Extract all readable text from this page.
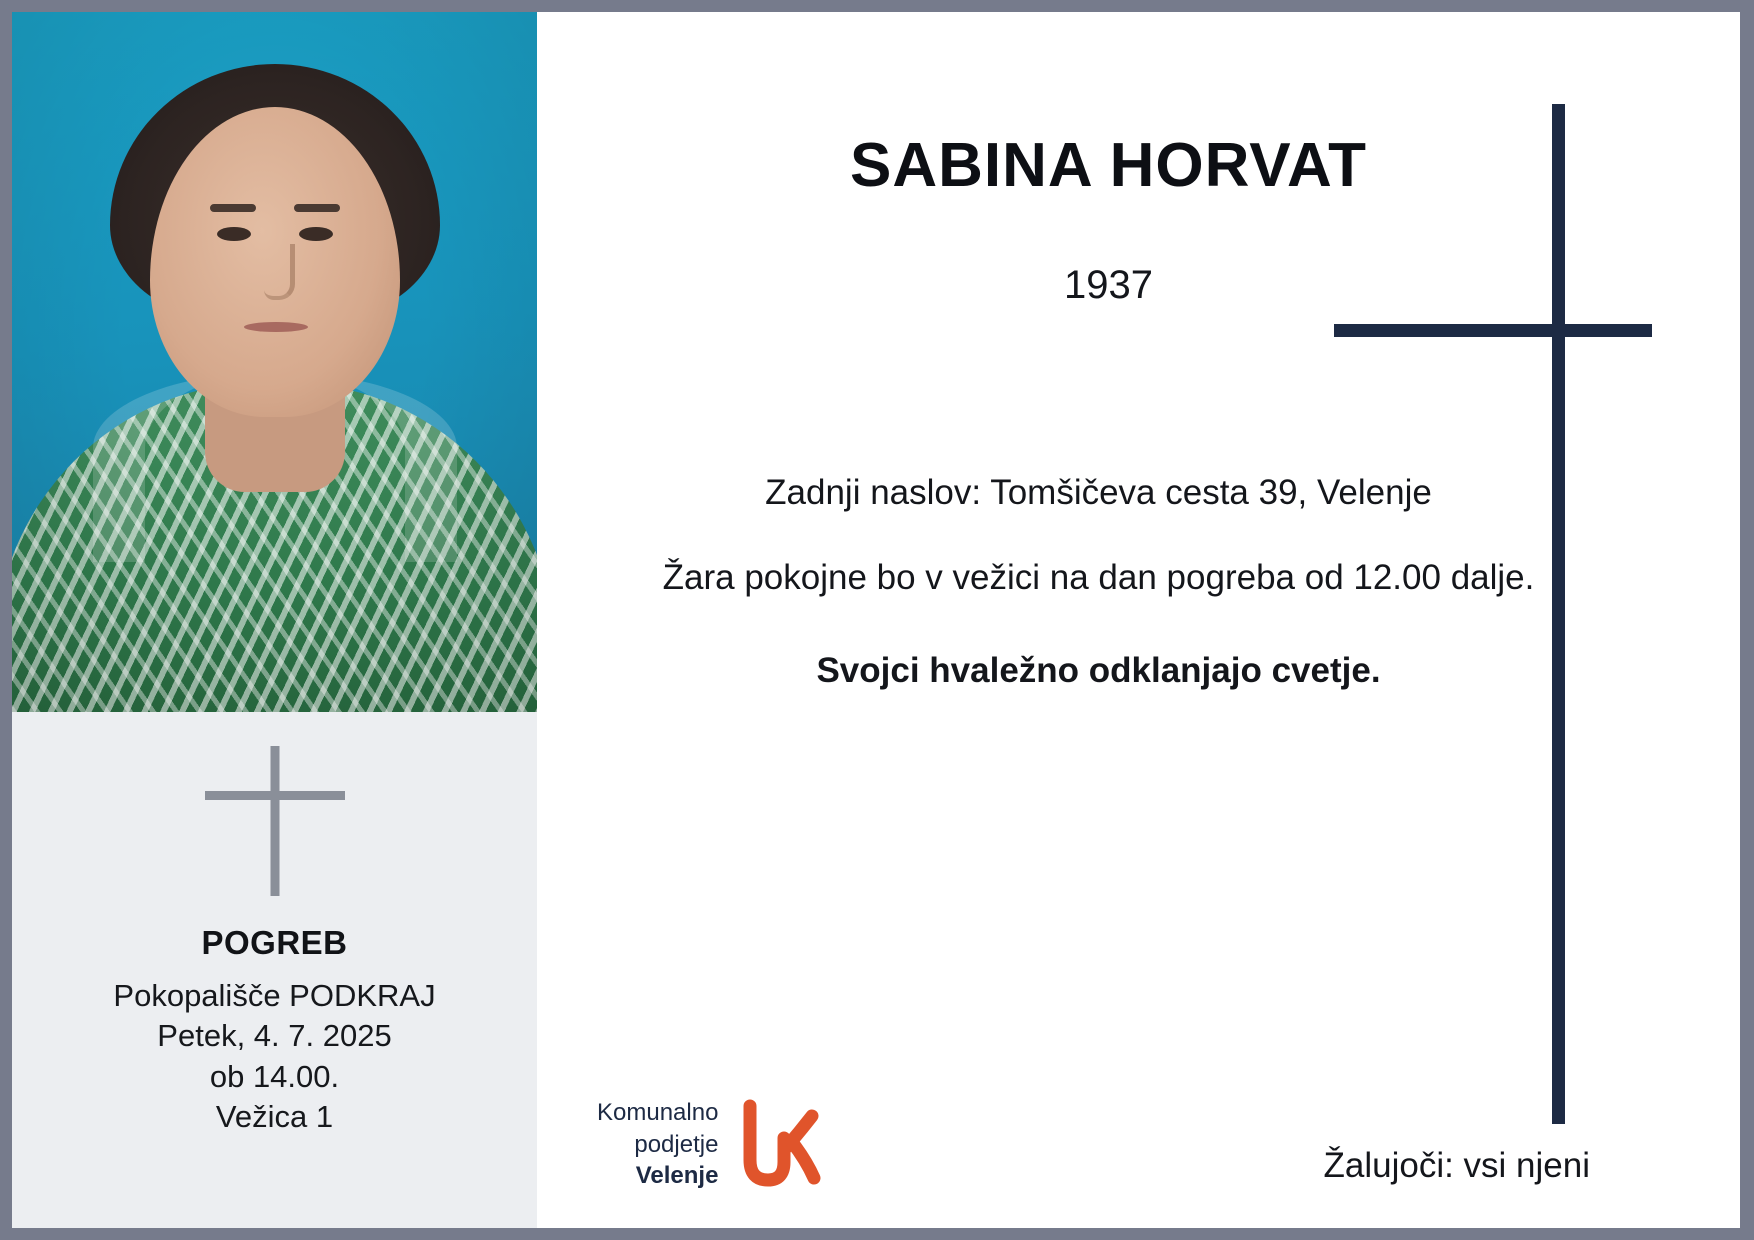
POGREB
Pokopališče PODKRAJ
Petek, 4. 7. 2025
ob 14.00.
Vežica 1
SABINA HORVAT
1937
Zadnji naslov: Tomšičeva cesta 39, Velenje
Žara pokojne bo v vežici na dan pogreba od 12.00 dalje.
Svojci hvaležno odklanjajo cvetje.
Komunalno
podjetje
Velenje	Žalujoči: vsi njeni
